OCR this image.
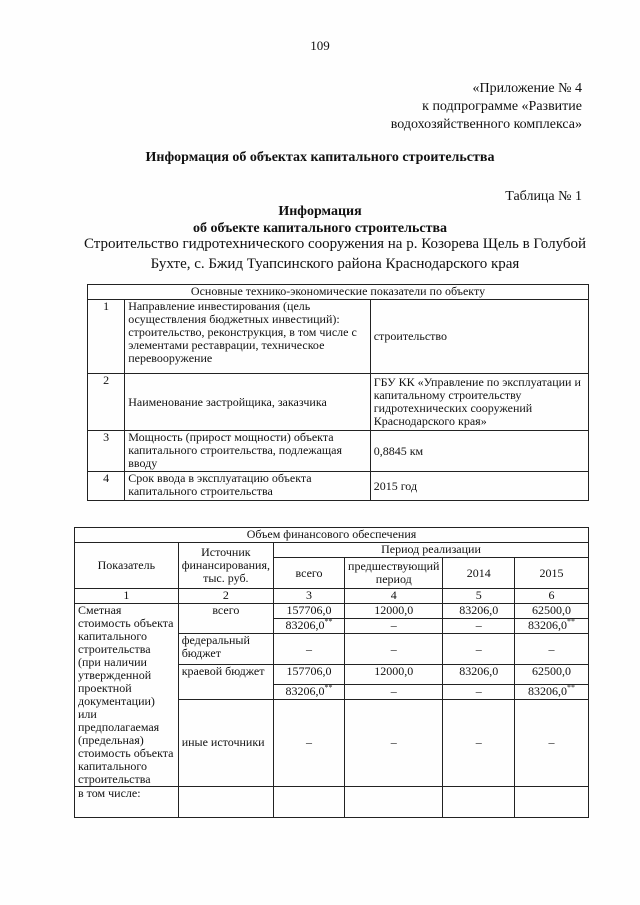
109
«Приложение № 4
к подпрограмме «Развитие
водохозяйственного комплекса»
Информация об объектах капитального строительства
Таблица № 1
Информация
об объекте капитального строительства
Строительство гидротехнического сооружения на р. Козорева Щель в Голубой Бухте, с. Бжид Туапсинского района Краснодарского края
Основные технико-экономические показатели по объекту		
1	Направление инвестирования (цель осуществления бюджетных инвестиций): строительство, реконструкция, в том числе с элементами реставрации, техническое перевооружение	строительство
2	Наименование застройщика, заказчика	ГБУ КК «Управление по эксплуатации и капитальному строительству гидротехнических сооружений Краснодарского края»
3	Мощность (прирост мощности) объекта капитального строительства, подлежащая вводу	0,8845 км
4	Срок ввода в эксплуатацию объекта капитального строительства	2015 год
Объем финансового обеспечения					
Показатель	Источник финансирования, тыс. руб.	Период реализации			
		всего	предшествующий период	2014	2015
1	2	3	4	5	6
Сметная стоимость объекта капитального строительства (при наличии утвержденной проектной документации) или предполагаемая (предельная) стоимость объекта капитального строительства	всего	157706,0	12000,0	83206,0	62500,0
		83206,0**	–	–	83206,0**
	федеральный бюджет	–	–	–	–
	краевой бюджет	157706,0	12000,0	83206,0	62500,0
		83206,0**	–	–	83206,0**
	иные источники	–	–	–	–

в том числе:					
